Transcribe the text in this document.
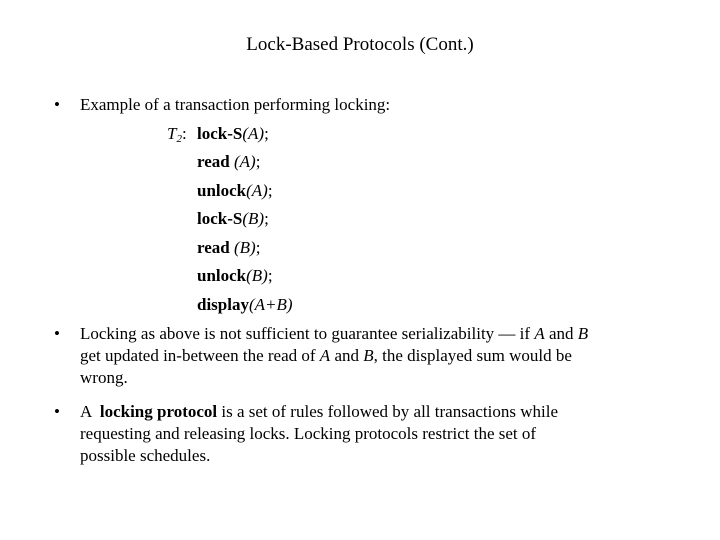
Lock-Based Protocols (Cont.)
• Example of a transaction performing locking:
$T_2$: lock-S(A);
read (A);
unlock(A);
lock-S(B);
read (B);
unlock(B);
display(A+B)
• Locking as above is not sufficient to guarantee serializability — if A and B
get updated in-between the read of A and B, the displayed sum would be
wrong.
• A  locking protocol is a set of rules followed by all transactions while
requesting and releasing locks. Locking protocols restrict the set of
possible schedules.
